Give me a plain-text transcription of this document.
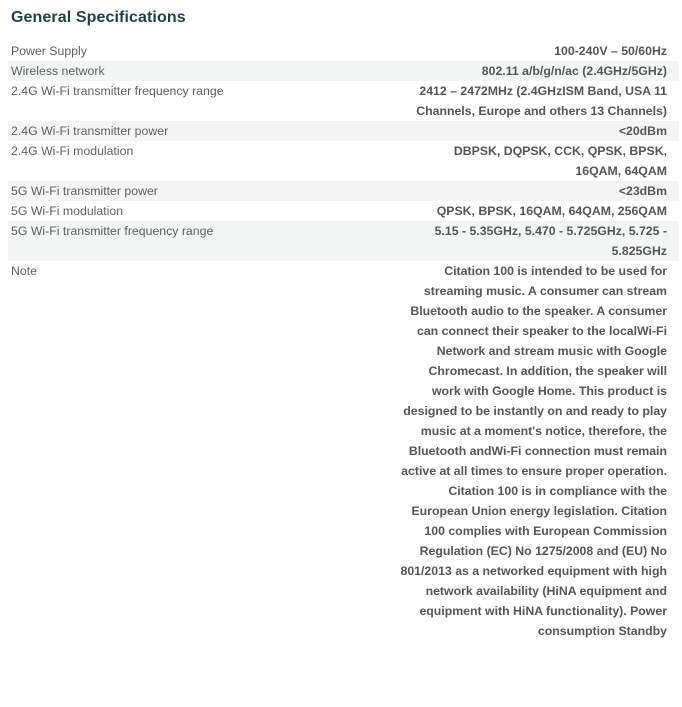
General Specifications
Power Supply	100-240V – 50/60Hz
Wireless network	802.11 a/b/g/n/ac (2.4GHz/5GHz)
2.4G Wi-Fi transmitter frequency range	2412 – 2472MHz (2.4GHzISM Band, USA 11 Channels, Europe and others 13 Channels)
2.4G Wi-Fi transmitter power	<20dBm
2.4G Wi-Fi modulation	DBPSK, DQPSK, CCK, QPSK, BPSK, 16QAM, 64QAM
5G Wi-Fi transmitter power	<23dBm
5G Wi-Fi modulation	QPSK, BPSK, 16QAM, 64QAM, 256QAM
5G Wi-Fi transmitter frequency range	5.15 - 5.35GHz, 5.470 - 5.725GHz, 5.725 - 5.825GHz
Note	Citation 100 is intended to be used for streaming music. A consumer can stream Bluetooth audio to the speaker. A consumer can connect their speaker to the localWi-Fi Network and stream music with Google Chromecast. In addition, the speaker will work with Google Home. This product is designed to be instantly on and ready to play music at a moment's notice, therefore, the Bluetooth andWi-Fi connection must remain active at all times to ensure proper operation. Citation 100 is in compliance with the European Union energy legislation. Citation 100 complies with European Commission Regulation (EC) No 1275/2008 and (EU) No 801/2013 as a networked equipment with high network availability (HiNA equipment and equipment with HiNA functionality). Power consumption Standby
